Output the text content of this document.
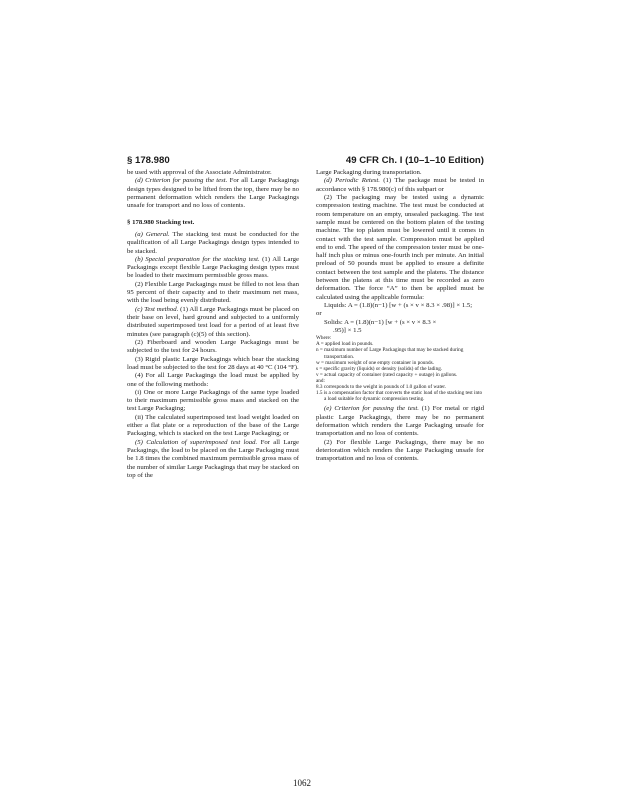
§ 178.980	49 CFR Ch. I (10–1–10 Edition)

be used with approval of the Associate Administrator.

(d) Criterion for passing the test. For all Large Packagings design types designed to be lifted from the top, there may be no permanent deformation which renders the Large Packagings unsafe for transport and no loss of contents.

§ 178.980 Stacking test.

(a) General. The stacking test must be conducted for the qualification of all Large Packagings design types intended to be stacked.

(b) Special preparation for the stacking test. (1) All Large Packagings except flexible Large Packaging design types must be loaded to their maximum permissible gross mass.

(2) Flexible Large Packagings must be filled to not less than 95 percent of their capacity and to their maximum net mass, with the load being evenly distributed.

(c) Test method. (1) All Large Packagings must be placed on their base on level, hard ground and subjected to a uniformly distributed superimposed test load for a period of at least five minutes (see paragraph (c)(5) of this section).

(2) Fiberboard and wooden Large Packagings must be subjected to the test for 24 hours.

(3) Rigid plastic Large Packagings which bear the stacking load must be subjected to the test for 28 days at 40 °C (104 °F).

(4) For all Large Packagings the load must be applied by one of the following methods:

(i) One or more Large Packagings of the same type loaded to their maximum permissible gross mass and stacked on the test Large Packaging;

(ii) The calculated superimposed test load weight loaded on either a flat plate or a reproduction of the base of the Large Packaging, which is stacked on the test Large Packaging; or

(5) Calculation of superimposed test load. For all Large Packagings, the load to be placed on the Large Packaging must be 1.8 times the combined maximum permissible gross mass of the number of similar Large Packagings that may be stacked on top of the

Large Packaging during transportation.

(d) Periodic Retest. (1) The package must be tested in accordance with § 178.980(c) of this subpart or

(2) The packaging may be tested using a dynamic compression testing machine. The test must be conducted at room temperature on an empty, unsealed packaging. The test sample must be centered on the bottom platen of the testing machine. The top platen must be lowered until it comes in contact with the test sample. Compression must be applied end to end. The speed of the compression tester must be one-half inch plus or minus one-fourth inch per minute. An initial preload of 50 pounds must be applied to ensure a definite contact between the test sample and the platens. The distance between the platens at this time must be recorded as zero deformation. The force “A” to then be applied must be calculated using the applicable formula:

Liquids: A = (1.8)(n−1) [w + (s × v × 8.3 × .98)] × 1.5;

or

Solids: A = (1.8)(n−1) [w + (s × v × 8.3 ×
.95)] × 1.5

Where:

A = applied load in pounds.
n = maximum number of Large Packagings that may be stacked during transportation.
w = maximum weight of one empty container in pounds.
s = specific gravity (liquids) or density (solids) of the lading.
v = actual capacity of container (rated capacity + outage) in gallons.
and:
8.3 corresponds to the weight in pounds of 1.0 gallon of water.
1.5 is a compensation factor that converts the static load of the stacking test into a load suitable for dynamic compression testing.

(e) Criterion for passing the test. (1) For metal or rigid plastic Large Packagings, there may be no permanent deformation which renders the Large Packaging unsafe for transportation and no loss of contents.

(2) For flexible Large Packagings, there may be no deterioration which renders the Large Packaging unsafe for transportation and no loss of contents.

1062
